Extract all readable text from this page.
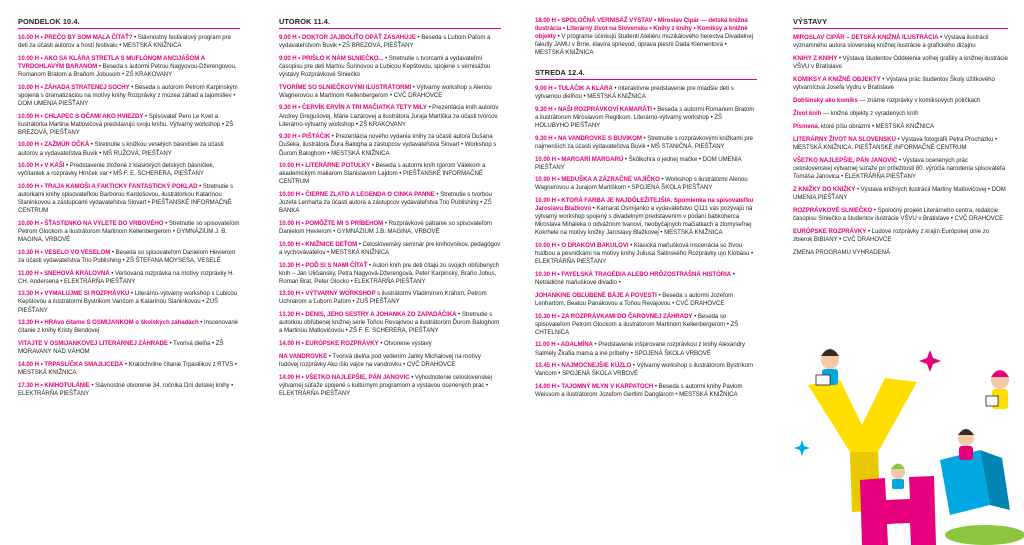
PONDELOK 10.4.
10.00 H • PREČO BY SOM MALA ČÍTAŤ? • Slávnostný festivalový program pre deti za účasti autorov a hostí festivalu • MESTSKÁ KNIŽNICA
10.00 H • AKO SA KLÁRA STRETLA S MUFLÓNOM ANCIJÁŠOM A TVRDOHLAVÝM BARANOM • Beseda s autormi Petrou Nagyovou-Džerengovou, Romanom Bratom a Braňom Jobusom • ZŠ KRAKOVANY
10.00 H • ZÁHADA STRATENEJ SOCHY • Beseda s autorom Petrom Karpinským spojená s dramatizáciou na motívy knihy Rozprávky z múzea záhad a tajomstiev • DOM UMENIA PIEŠŤANY
10.00 H • CHLAPEC S OČAMI AKO HVIEZDY • Spisovateľ Pero Le Kvet a ilustrátorka Martina Matlovičová predstavujú svoju knihu. Výtvarný workshop • ZŠ BREZOVÁ, PIEŠŤANY
10.00 H • ZAŽMÚR OČKÁ • Stretnutie s knižkou veselých básničiek za účasti autorov a vydavateľstva Buvik • MŠ RUŽOVÁ, PIEŠŤANY
10.00 H • V KAŠI • Predstavenie zloženě z klasických detských básničiek, vyčítaniek a rozprávky Hrnček var • MŠ F. E. SCHERERA, PIEŠŤANY
10.00 H • TRAJA KAMOŠI A FAKTICKY FANTASTICKÝ POKLAD • Stretnutie s autorkami knihy spisovateľkou Barborou Kardošovou, ilustrátorkou Katarínou Slaninkovou a zástupcami vydavateľstva Slovart • PIEŠŤANSKÉ INFORMAČNÉ CENTRUM
10.00 H • ŠŤASTENKO NA VÝLETE DO VRBOVÉHO • Stretnutie so spisovateľom Petrom Glockom a ilustrátorom Martinom Kellenbergerom • GYMNÁZIUM J. B. MAGINA, VRBOVÉ
10.30 H • VESELO VO VESELOM • Beseda so spisovateľom Danielom Hevierom za účasti vydavateľstva Trio Publishing • ZŠ ŠTEFANA MOYSESA, VESELÉ
11.00 H • SNEHOVÁ KRÁĽOVNÁ • Veršovaná rozprávka na motívy rozprávky H. CH. Andersena • ELEKTRÁRŇA PIEŠŤANY
13.30 H • VYMALUJME SI ROZPRÁVKU • Literárno-výtvarný workshop s Ľubicou Kepštovou a ilustrátormi Bystríkom Vančom a Katarínou Slaninkovou • ZUŠ PIEŠŤANY
13.30 H • HRAvo čítame S OSMIJANKOM o školských záhadách • Inscenované čítanie z knihy Kristy Bendovej
VITAJTE V OSMIJANKOVEJ LITERÁRNEJ ZÁHRADE • Tvorivá dielňa • ZŠ MORAVANY NAD VÁHOM
14.00 H • TRPASLÍČKA SMAJLICEDA • Kratochvílne čítanie Trpasliikov z RTVS • MESTSKÁ KNIŽNICA
17.30 H • KNIHOTULÁNIE • Slávnostné otvorenie 34. ročníka Dní detskej knihy • ELEKTRÁRŇA PIEŠŤANY
UTOROK 11.4.
9.00 H • DOKTOR JAJBOLIŤO OPÄŤ ZASAHUJE • Beseda s Ľubom Paľom a vydavateľstvom Buvik • ZŠ BREZOVÁ, PIEŠŤANY
9.00 H • PRIŠLO K NÁM SLNIEČKO... • Stretnutie s tvorcami a vydavateľmi časopisu pre deti Martou Šurinovou a Ľubicou Kepštovou, spojené s vernisážou výstavy Rozprávkové Slniečko
TVORÍME SO SLNIEČKOVÝMI ILUSTRÁTORMI • Výtvarný workshop s Alenou Wagnerovou a Martinom Kellenbergerom • CVČ DRAHOVCE
9.30 H • ČERVÍK ERVÍN A TRI MAČIATKA TETY MILY • Prezentácia kníh autorov Andrey Gregušovej, Márie Lazárovej a ilustrátora Juraja Martiška za účasti tvorcov. Literárno-výtvarný workshop • ZŠ KRAKOVANY
9.30 H • PIŠTÁČIK • Prezentácia nového vydania knihy za účasti autora Dušana Dušeka, ilustrátora Ďura Balogha a zástupcov vydavateľstva Slovart • Workshop s Ďurom Baloghom • MESTSKÁ KNIŽNICA
10.00 H • LITERÁRNE POTULKY • Beseda s autormi kníh Igorom Válekom a akademickým maliarom Stanislavom Lajdom • PIEŠŤANSKÉ INFORMAČNÉ CENTRUM
10.00 H • ČIERNE ZLATO A LEGENDA O CINKA PANNE • Stretnutie s tvorbou Jozefa Lenharta za účasti autora a zástupcov vydavateľstva Trio Publishing • ZŠ BANKA
10.00 H • POMÔŽTE MI S PRÍBEHOM • Rozprávkové pátranie so spisovateľom Danielom Hevierom • GYMNÁZIUM J.B. MAGINA, VRBOVÉ
10.00 H • KNIŽNICE DEŤOM • Celoslovenský seminár pre knihovníkov, pedagógov a vychovávateľov • MESTSKÁ KNIŽNICA
10.30 H • POĎ SI S NAMI ČÍTAŤ • Autori kníh pre deti čítajú zo svojich obľúbených kníh – Ján Uličiansky, Petra Nagyová-Džerengová, Peter Karpinský, Braňo Jobus, Roman Brat, Peter Glocko • ELEKTRÁRŇA PIEŠŤANY
13.00 H • VÝTVARNÝ WORKSHOP s ilustrátormi Vladimírom Kráľom, Petrom Uchnárom a Ľubom Paľom • ZUŠ PIEŠŤANY
13.30 H • DENIS, JEHO SESTRY A JOHANKA ZO ZAPADÁČIKA • Stretnutie s autorkou obľúbenej knižnej série Toňou Revajovou a ilustrátorom Ďurom Baloghom a Martinou Matlovičovou • ZŠ F. E. SCHERERA, PIEŠŤANY
14.00 H • EURÓPSKE ROZPRÁVKY • Otvorenie výstavy
NA VANDROVKE • Tvorivá dielňa pod vedením Janky Michalovej na motívy ľudovej rozprávky Ako išlo vajce na vandrovku • CVČ DRAHOVCE
14.00 H • VŠETKO NAJLEPŠIE, PÁN JANOVIC • Vyhodnotenie celoslovenskej výtvarnej súťaže spojené s kultúrnym programom a výstavou ocenených prác • ELEKTRÁRŇA PIEŠŤANY
18.00 H • SPOLOČNÁ VERNISÁŽ VÝSTAV • Miroslav Cipár — detská knižná ilustrácia • Literárny život na Slovensku • Knihy z knihy • Komiksy a knižné objekty • V programe účinkujú študenti Ateliéru muzikálového herectva Divadelnej fakulty JAMU v Brne, klavíra sprievod, úprava piesní Dada Klementová • MESTSKÁ KNIŽNICA
STREDA 12.4.
9.00 H • TULÁČIK A KLÁRA • Interaktívne predstavenie pre mladšie deti s výtvarnou dielňou • MESTSKÁ KNIŽNICA
9.30 H • NAŠI ROZPRÁVKOVÍ KAMARÁTI • Beseda s autormi Romanom Bratom a ilustrátorom Miroslavom Regitkom. Literárno-výtvarný workshop • ZŠ HOLUBYHO PIEŠŤANY
9.30 H • NA VANDROVKE S BUVIKOM • Stretnutie s rozprávkovými knižkami pre najmenších za účasti vydavateľstva Buvik • MŠ STANIČNÁ, PIEŠŤANY
10.00 H • MARGARÍ MARGARÚ • Škôlkohra o jednej mačke • DOM UMENIA PIEŠŤANY
10.00 H • MEDUŠKA A ZÁZRAČNÉ VAJÍČKO • Workshop s ilustrátormi Alenou Wagnerovou a Jurajom Martiškom • SPOJENÁ ŠKOLA PIEŠŤANY
10.00 H • KTORÁ FARBA JE NAJDÔLEŽITEJŠIA. Spomienka na spisovateľku Jaroslavu Blažkovú • Kamarát Osmijanko a vydavateľstvo Q111 vás pozývajú na výtvarný workshop spojený s divadelným predstavením v podaní babkoherca Miroslava Miháleka o odvážnom Ivanovi, neobyčajných mačiatkach a zlomyseľnej Kokrhele na motívy knižky Jaroslavy Blažkovej • MESTSKÁ KNIŽNICA
10.00 H • O DRAKOVI BAKULOVI • Klasická maňušková inscenácia so živou hudbou a pesničkami na motívy knihy Juliusa Satinského Rozprávky ujo Klobásu • ELEKTRÁRŇA PIEŠŤANY
10.30 H • FAYELSKÁ TRAGÉDIA ALEBO HRÔZOSTRAŠNÁ HISTÓRIA • Netradičné maňuškové divadlo •
JOHANKINE OBĽÚBENÉ BÁJE A POVESTI • Beseda s autormi Jozefom Lenhartom, Beatou Panákovou a Toňou Revajovou • CVČ DRAHOVCE
10.30 H • ZA ROZPRÁVKAMI DO ČAROVNEJ ZÁHRADY • Beseda so spisovateľom Petrom Glockom a ilustrátorom Martinom Kellenbergerom • ZŠ CHTELNICA
11.00 H • ADALMÍNA • Predstavenie inšpirované rozprávkou z knihy Alexandry Salmely Žirafia mama a iné príbehy • SPOJENÁ ŠKOLA VRBOVÉ
13.45 H • NAJMOCNEJŠIE KÚZLO • Výtvarný workshop s ilustrátorom Bystríkom Vančom • SPOJENÁ ŠKOLA VRBOVÉ
14.00 H • TAJOMNÝ MLYN V KARPATOCH • Beseda s autormi knihy Pavlom Weissom a ilustrátorom Jozefom Gertlim Danglárom • MESTSKÁ KNIŽNICA
VÝSTAVY
MIROSLAV CIPÁR – DETSKÁ KNIŽNÁ ILUSTRÁCIA • Výstava ilustrácií významného autora slovenskej knižnej ilustrácie a grafického dizajnu
KNIHY Z KNIHY • Výstava študentov Oddelenia voľnej grafiky a knižnej ilustrácie VŠVU v Bratislave
KOMIKSY A KNIŽNÉ OBJEKTY • Výstava prác študentov Školy úžitkového výtvarníctva Josefa Vydru v Bratislave
Dobšinský ako komiks — známe rozprávky v komiksových políčkach
Život knih — knižné objekty z vyradených kníh
Písmená, ktoré píšu obrazmi • MESTSKÁ KNIŽNICA
LITERÁRNY ŽIVOT NA SLOVENSKU • Výstava fotografií Petra Procházku • MESTSKÁ KNIŽNICA, PIEŠŤANSKÉ INFORMAČNÉ CENTRUM
VŠETKO NAJLEPŠIE, PÁN JANOVIC • Výstava ocenených prác celoslovenskej výtvarnej súťaže pri príležitosti 80. výročia narodenia spisovateľa Tomáša Janovica • ELEKTRÁRŇA PIEŠŤANY
Z KNIŽKY DO KNIŽKY • Výstava knižných ilustrácií Martiny Matlovičovej • DOM UMENIA PIEŠŤANY
ROZPRÁVKOVÉ SLNIEČKO • Spoločný projekt Literárneho centra, redakcie časopisu Slniečko a študentov ilustrácie VŠVU v Bratislave • CVČ DRAHOVCE
EURÓPSKE ROZPRÁVKY • Ľudové rozprávky z krajín Európskej únie zo zbierok BIBIANY • CVČ DRAHOVCE
ZMENA PROGRAMU VYHRADENÁ
